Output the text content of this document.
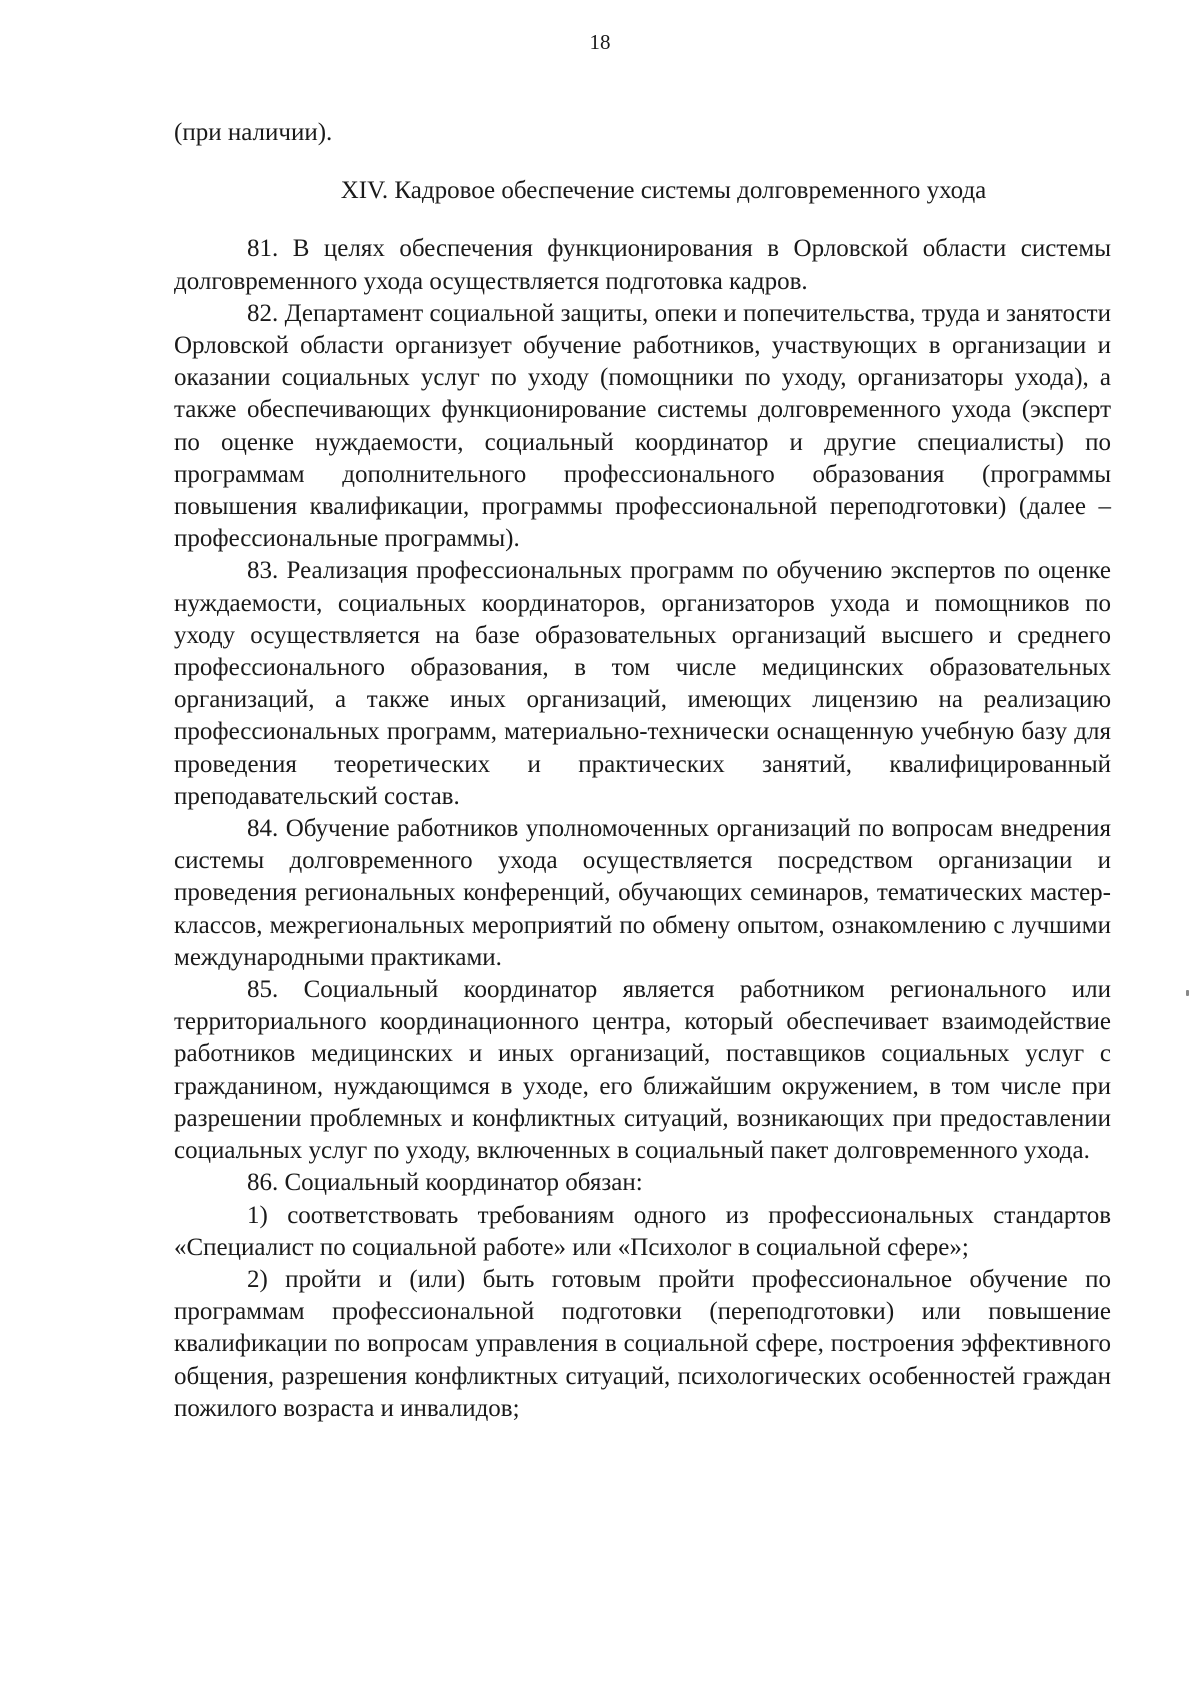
18

(при наличии).

XIV. Кадровое обеспечение системы долговременного ухода

81. В целях обеспечения функционирования в Орловской области системы долговременного ухода осуществляется подготовка кадров.

82. Департамент социальной защиты, опеки и попечительства, труда и занятости Орловской области организует обучение работников, участвующих в организации и оказании социальных услуг по уходу (помощники по уходу, организаторы ухода), а также обеспечивающих функционирование системы долговременного ухода (эксперт по оценке нуждаемости, социальный координатор и другие специалисты) по программам дополнительного профессионального образования (программы повышения квалификации, программы профессиональной переподготовки) (далее – профессиональные программы).

83. Реализация профессиональных программ по обучению экспертов по оценке нуждаемости, социальных координаторов, организаторов ухода и помощников по уходу осуществляется на базе образовательных организаций высшего и среднего профессионального образования, в том числе медицинских образовательных организаций, а также иных организаций, имеющих лицензию на реализацию профессиональных программ, материально-технически оснащенную учебную базу для проведения теоретических и практических занятий, квалифицированный преподавательский состав.

84. Обучение работников уполномоченных организаций по вопросам внедрения системы долговременного ухода осуществляется посредством организации и проведения региональных конференций, обучающих семинаров, тематических мастер-классов, межрегиональных мероприятий по обмену опытом, ознакомлению с лучшими международными практиками.

85. Социальный координатор является работником регионального или территориального координационного центра, который обеспечивает взаимодействие работников медицинских и иных организаций, поставщиков социальных услуг с гражданином, нуждающимся в уходе, его ближайшим окружением, в том числе при разрешении проблемных и конфликтных ситуаций, возникающих при предоставлении социальных услуг по уходу, включенных в социальный пакет долговременного ухода.

86. Социальный координатор обязан:

1) соответствовать требованиям одного из профессиональных стандартов «Специалист по социальной работе» или «Психолог в социальной сфере»;

2) пройти и (или) быть готовым пройти профессиональное обучение по программам профессиональной подготовки (переподготовки) или повышение квалификации по вопросам управления в социальной сфере, построения эффективного общения, разрешения конфликтных ситуаций, психологических особенностей граждан пожилого возраста и инвалидов;
